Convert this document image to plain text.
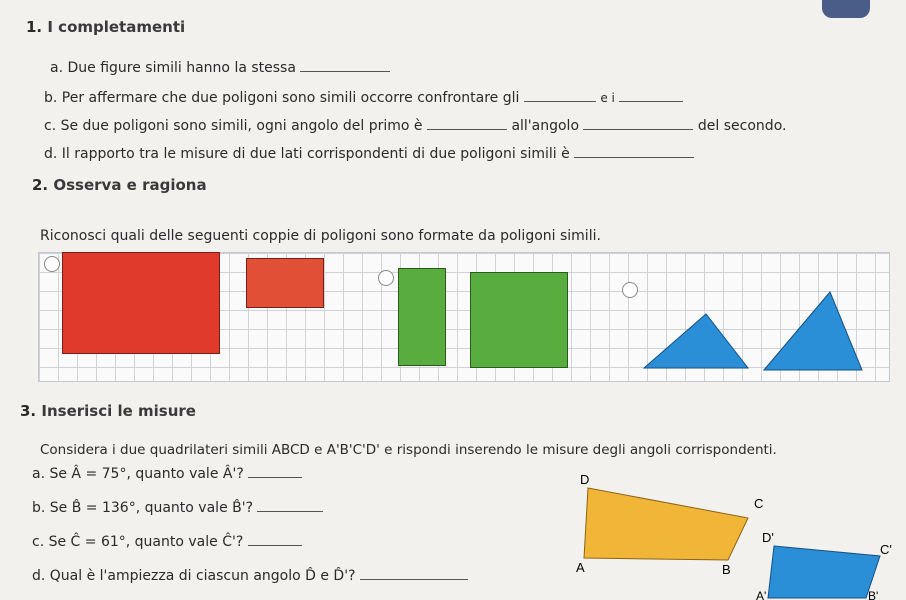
1. I completamenti
a. Due figure simili hanno la stessa
b. Per affermare che due poligoni sono simili occorre confrontare gli	e i
c. Se due poligoni sono simili, ogni angolo del primo è	all'angolo	del secondo.
d. Il rapporto tra le misure di due lati corrispondenti di due poligoni simili è
2. Osserva e ragiona
Riconosci quali delle seguenti coppie di poligoni sono formate da poligoni simili.
3. Inserisci le misure
Considera i due quadrilateri simili ABCD e A'B'C'D' e rispondi inserendo le misure degli angoli corrispondenti.
a. Se Â = 75°, quanto vale Â'?
b. Se B̂ = 136°, quanto vale B̂'?
c. Se Ĉ = 61°, quanto vale Ĉ'?
d. Qual è l'ampiezza di ciascun angolo D̂ e D̂'?
D
C
B
A
D'
C'
A'	B'
